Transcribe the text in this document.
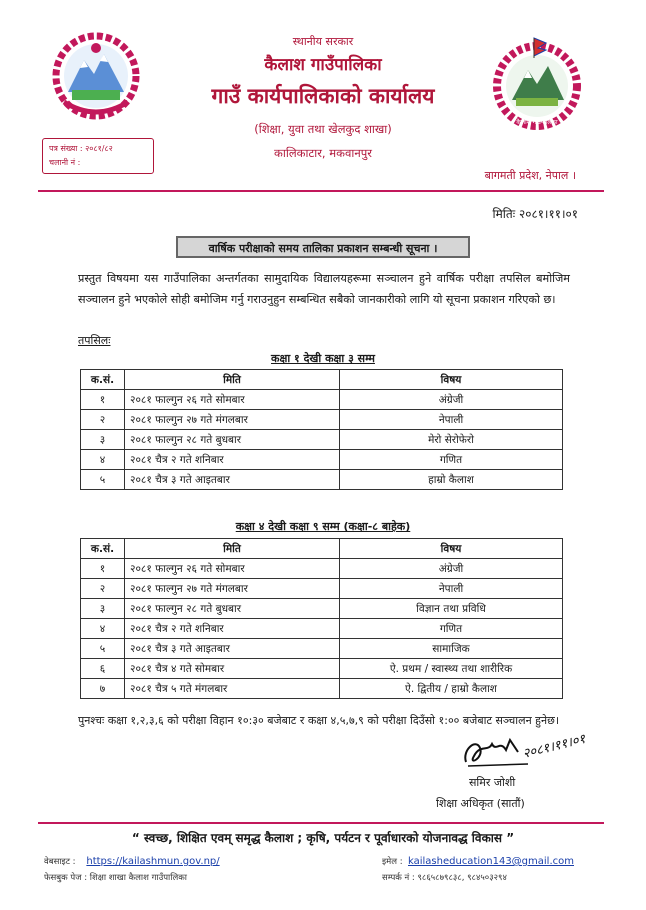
स्थानीय सरकार
कैलाश गाउँपालिका
गाउँ कार्यपालिकाको कार्यालय
(शिक्षा, युवा तथा खेलकुद शाखा)
कालिकाटार, मकवानपुर
कैलाश गाउँपालिका
पत्र संख्या : २०८१/८२
चलानी नं :
बागमती प्रदेश, नेपाल ।
मितिः २०८१।११।०१
वार्षिक परीक्षाको समय तालिका प्रकाशन सम्बन्धी सूचना ।
प्रस्तुत विषयमा यस गाउँपालिका अन्तर्गतका सामुदायिक विद्यालयहरूमा सञ्चालन हुने वार्षिक परीक्षा तपसिल बमोजिम सञ्चालन हुने भएकोले सोही बमोजिम गर्नु गराउनुहुन सम्बन्धित सबैको जानकारीको लागि यो सूचना प्रकाशन गरिएको छ।
तपसिलः
कक्षा १ देखी कक्षा ३ सम्म
क.सं.	मिति	विषय
१	२०८१ फाल्गुन २६ गते सोमबार	अंग्रेजी
२	२०८१ फाल्गुन २७ गते मंगलबार	नेपाली
३	२०८१ फाल्गुन २८ गते बुधबार	मेरो सेरोफेरो
४	२०८१ चैत्र २ गते शनिबार	गणित
५	२०८१ चैत्र ३ गते आइतबार	हाम्रो कैलाश
कक्षा ४ देखी कक्षा ९ सम्म (कक्षा-८ बाहेक)
क.सं.	मिति	विषय
१	२०८१ फाल्गुन २६ गते सोमबार	अंग्रेजी
२	२०८१ फाल्गुन २७ गते मंगलबार	नेपाली
३	२०८१ फाल्गुन २८ गते बुधबार	विज्ञान तथा प्रविधि
४	२०८१ चैत्र २ गते शनिबार	गणित
५	२०८१ चैत्र ३ गते आइतबार	सामाजिक
६	२०८१ चैत्र ४ गते सोमबार	ऐ. प्रथम / स्वास्थ्य तथा शारीरिक
७	२०८१ चैत्र ५ गते मंगलबार	ऐ. द्वितीय / हाम्रो कैलाश
पुनश्चः कक्षा १,२,३,६ को परीक्षा विहान १०:३० बजेबाट र कक्षा ४,५,७,९ को परीक्षा दिउँसो १:०० बजेबाट सञ्चालन हुनेछ।
२०८१।११।०१
समिर जोशी
शिक्षा अधिकृत (सातौं)
“ स्वच्छ, शिक्षित एवम् समृद्ध कैलाश ; कृषि, पर्यटन र पूर्वाधारको योजनावद्ध विकास ”
वेबसाइट : https://kailashmun.gov.np/
फेसबुक पेज : शिक्षा शाखा कैलाश गाउँपालिका
इमेल : kailasheducation143@gmail.com
सम्पर्क नं : ९८६५८७९८३८, ९८४५०३२९४
